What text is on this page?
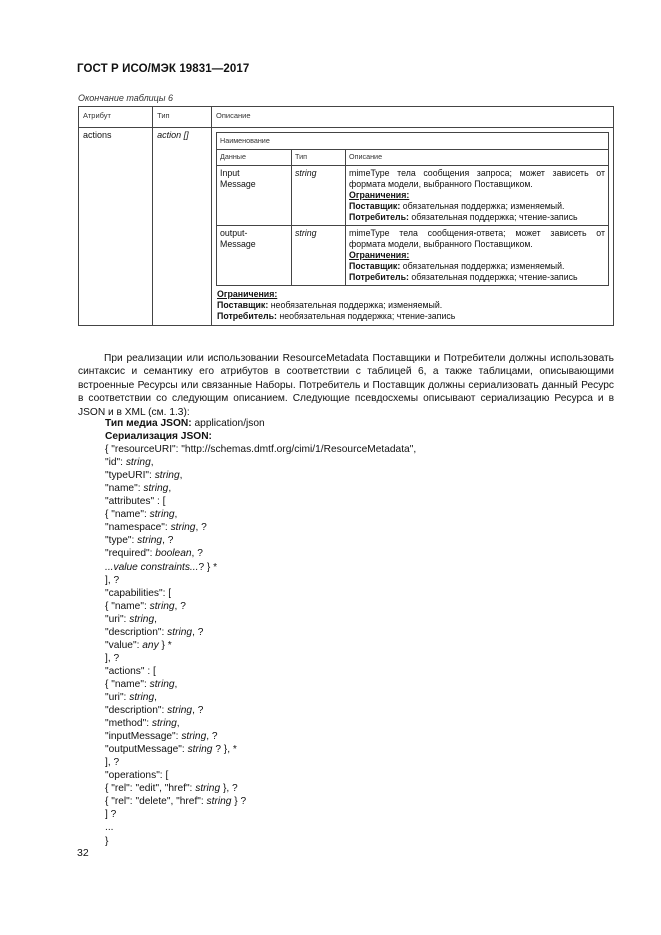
ГОСТ Р ИСО/МЭК 19831—2017
Окончание таблицы 6
Атрибут	Тип	Описание
actions	action []	
Наименование
Данные	Тип	Описание

Input
Message
	string	mimeType тела сообщения запроса; может зависеть от формата модели, выбранного Поставщиком.
Ограничения:
Поставщик: обязательная поддержка; изменяемый.
Потребитель: обязательная поддержка; чтение-запись

output-
Message
	string	mimeType тела сообщения-ответа; может зависеть от формата модели, выбранного Поставщиком.
Ограничения:
Поставщик: обязательная поддержка; изменяемый.
Потребитель: обязательная поддержка; чтение-запись
Ограничения:
Поставщик: необязательная поддержка; изменяемый.
Потребитель: необязательная поддержка; чтение-запись
При реализации или использовании ResourceMetadata Поставщики и Потребители должны использовать синтаксис и семантику его атрибутов в соответствии с таблицей 6, а также таблицами, описывающими встроенные Ресурсы или связанные Наборы. Потребитель и Поставщик должны сериализовать данный Ресурс в соответствии со следующим описанием. Следующие псевдосхемы описывают сериализацию Ресурса и в JSON и в XML (см. 1.3):
Тип медиа JSON: application/json
Сериализация JSON:
{ "resourceURI": "http://schemas.dmtf.org/cimi/1/ResourceMetadata",
"id": string,
"typeURI": string,
"name": string,
"attributes" : [
{ "name": string,
"namespace": string, ?
"type": string, ?
"required": boolean, ?
...value constraints...? } *
], ?
"capabilities": [
{ "name": string, ?
"uri": string,
"description": string, ?
"value": any } *
], ?
"actions" : [
{ "name": string,
"uri": string,
"description": string, ?
"method": string,
"inputMessage": string, ?
"outputMessage": string ? }, *
], ?
"operations": [
{ "rel": "edit", "href": string }, ?
{ "rel": "delete", "href": string } ?
] ?
...
}
32
